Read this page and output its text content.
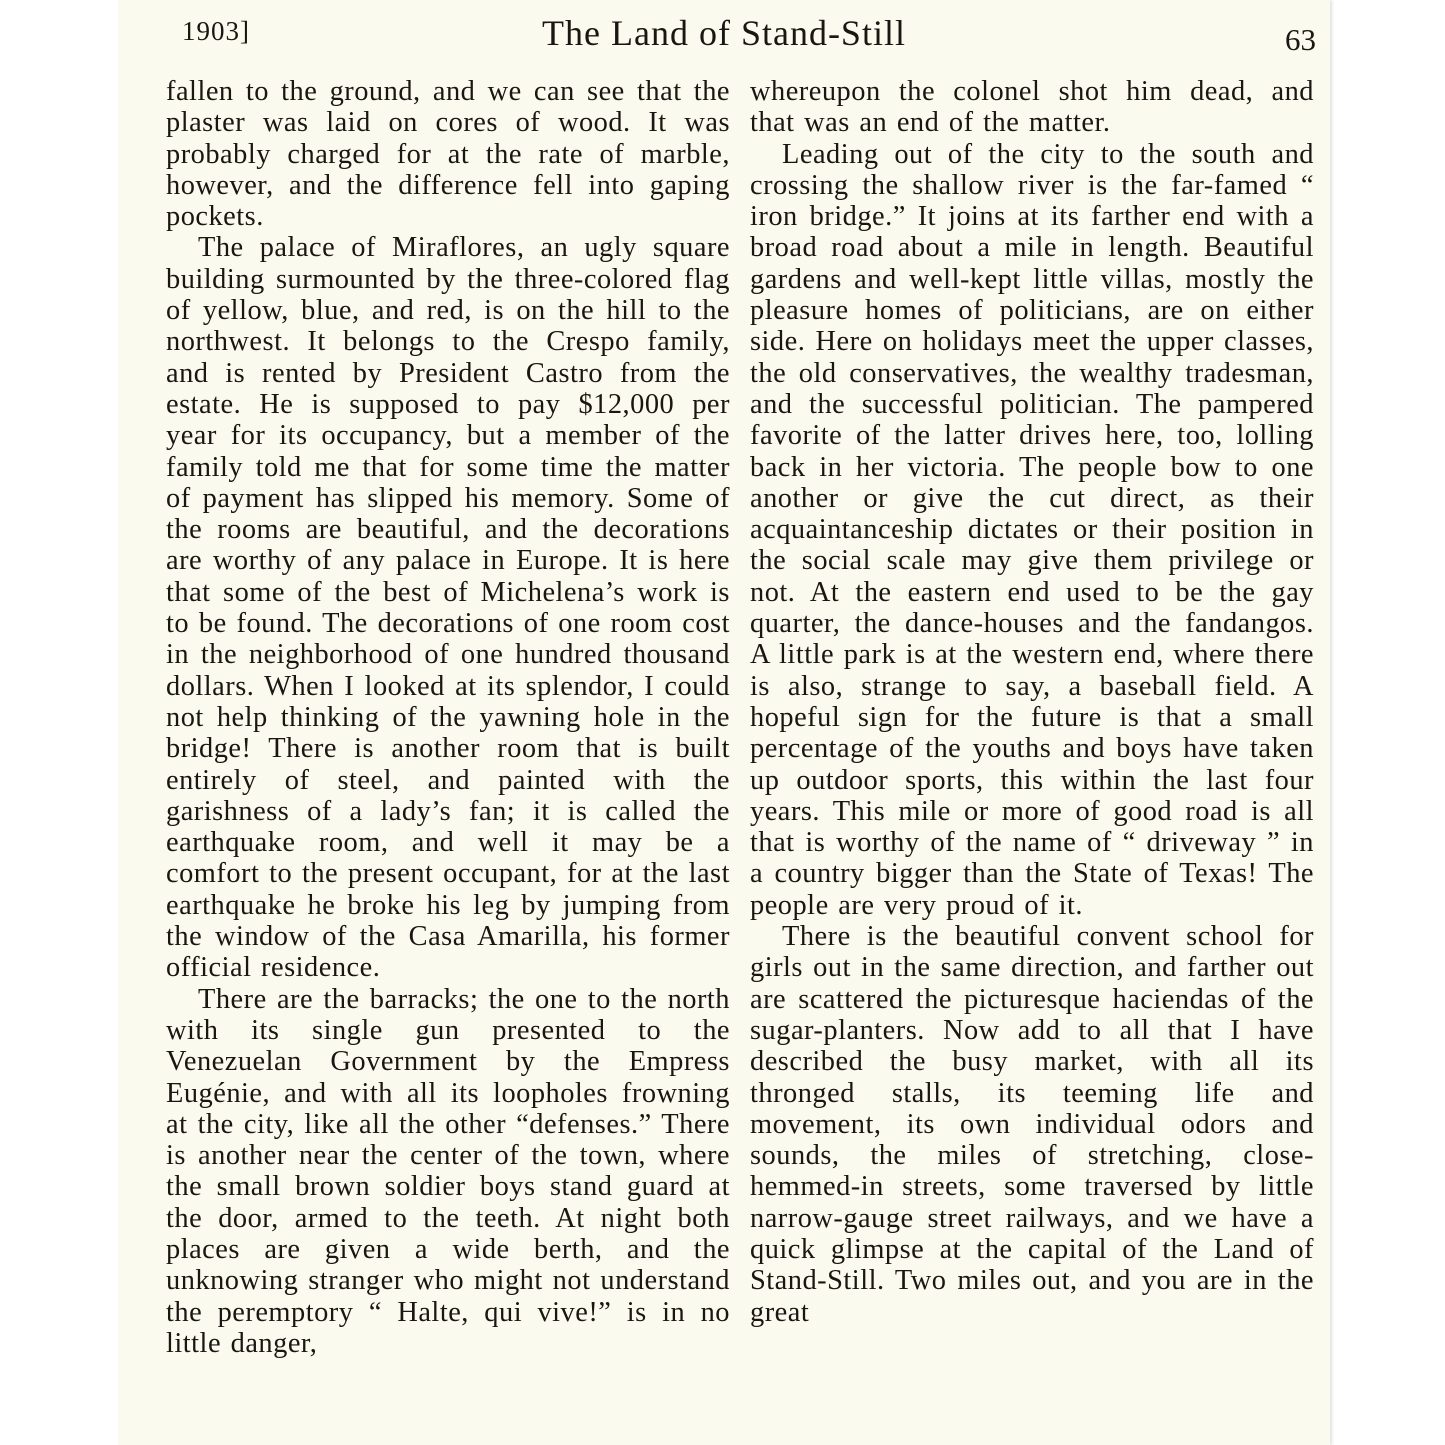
1903]	The Land of Stand-Still	63

fallen to the ground, and we can see that the plaster was laid on cores of wood. It was probably charged for at the rate of marble, however, and the difference fell into gaping pockets.

The palace of Miraflores, an ugly square building surmounted by the three-colored flag of yellow, blue, and red, is on the hill to the northwest. It belongs to the Crespo family, and is rented by President Castro from the estate. He is supposed to pay $12,000 per year for its occupancy, but a member of the family told me that for some time the matter of payment has slipped his memory. Some of the rooms are beautiful, and the decorations are worthy of any palace in Europe. It is here that some of the best of Michelena’s work is to be found. The decorations of one room cost in the neighborhood of one hundred thousand dollars. When I looked at its splendor, I could not help thinking of the yawning hole in the bridge! There is another room that is built entirely of steel, and painted with the garishness of a lady’s fan; it is called the earthquake room, and well it may be a comfort to the present occupant, for at the last earthquake he broke his leg by jumping from the window of the Casa Amarilla, his former official residence.

There are the barracks; the one to the north with its single gun presented to the Venezuelan Government by the Empress Eugénie, and with all its loopholes frowning at the city, like all the other “defenses.” There is another near the center of the town, where the small brown soldier boys stand guard at the door, armed to the teeth. At night both places are given a wide berth, and the unknowing stranger who might not understand the peremptory “ Halte, qui vive!” is in no little danger,

whereupon the colonel shot him dead, and that was an end of the matter.

Leading out of the city to the south and crossing the shallow river is the far-famed “ iron bridge.” It joins at its farther end with a broad road about a mile in length. Beautiful gardens and well-kept little villas, mostly the pleasure homes of politicians, are on either side. Here on holidays meet the upper classes, the old conservatives, the wealthy tradesman, and the successful politician. The pampered favorite of the latter drives here, too, lolling back in her victoria. The people bow to one another or give the cut direct, as their acquaintanceship dictates or their position in the social scale may give them privilege or not. At the eastern end used to be the gay quarter, the dance-houses and the fandangos. A little park is at the western end, where there is also, strange to say, a baseball field. A hopeful sign for the future is that a small percentage of the youths and boys have taken up outdoor sports, this within the last four years. This mile or more of good road is all that is worthy of the name of “ driveway ” in a country bigger than the State of Texas! The people are very proud of it.

There is the beautiful convent school for girls out in the same direction, and farther out are scattered the picturesque haciendas of the sugar-planters. Now add to all that I have described the busy market, with all its thronged stalls, its teeming life and movement, its own individual odors and sounds, the miles of stretching, close-hemmed-in streets, some traversed by little narrow-gauge street railways, and we have a quick glimpse at the capital of the Land of Stand-Still. Two miles out, and you are in the great
